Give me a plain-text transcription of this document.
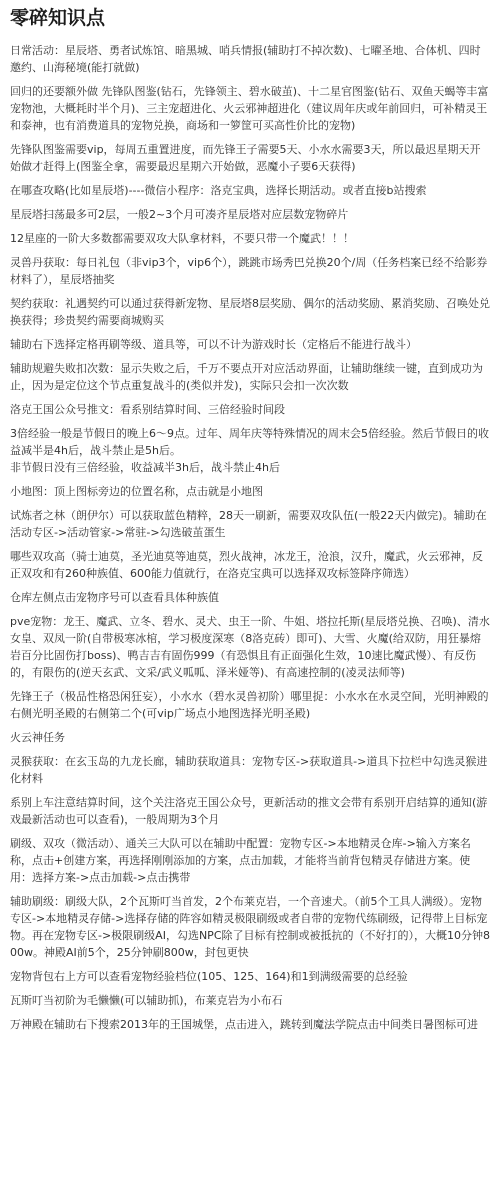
零碎知识点

日常活动：星辰塔、勇者试炼馆、暗黑城、哨兵情报(辅助打不掉次数)、七曜圣地、合体机、四时邀约、山海秘境(能打就做)

回归的还要额外做 先锋队图鉴(钻石，先锋领主、碧水破茧)、十二星官图鉴(钻石、双鱼天蝎等丰富宠物池，大概耗时半个月)、三主宠超进化、火云邪神超进化（建议周年庆或年前回归，可补精灵王和泰神，也有消费道具的宠物兑换，商场和一箩筐可买高性价比的宠物)

先锋队图鉴需要vip，每周五重置进度，而先锋王子需要5天、小水水需要3天，所以最迟星期天开始做才赶得上(图鉴全拿，需要最迟星期六开始做，恶魔小子要6天获得)

在哪查攻略(比如星辰塔)----微信小程序：洛克宝典，选择长期活动。或者直接b站搜索

星辰塔扫荡最多可2层，一般2~3个月可凑齐星辰塔对应层数宠物碎片

12星座的一阶大多数都需要双攻大队拿材料，不要只带一个魔武！！！

灵兽丹获取：每日礼包（非vip3个，vip6个），跳跳市场秀巴兑换20个/周（任务档案已经不给影券材料了），星辰塔抽奖

契约获取：礼遇契约可以通过获得新宠物、星辰塔8层奖励、偶尔的活动奖励、累消奖励、召唤处兑换获得；珍贵契约需要商城购买

辅助右下选择定格再刷等级、道具等，可以不计为游戏时长（定格后不能进行战斗）

辅助规避失败扣次数：显示失败之后，千万不要点开对应活动界面，让辅助继续一键，直到成功为止，因为是定位这个节点重复战斗的(类似并发)，实际只会扣一次次数

洛克王国公众号推文：看系别结算时间、三倍经验时间段

3倍经验一般是节假日的晚上6～9点。过年、周年庆等特殊情况的周末会5倍经验。然后节假日的收益减半是4h后，战斗禁止是5h后。

非节假日没有三倍经验，收益减半3h后，战斗禁止4h后

小地图：顶上图标旁边的位置名称，点击就是小地图

试炼者之林（朗伊尔）可以获取蓝色精粹，28天一刷新，需要双攻队伍(一般22天内做完)。辅助在活动专区->活动管家->常驻->勾选破茧蛋生

哪些双攻高（骑士迪莫，圣光迪莫等迪莫，烈火战神，冰龙王，沧浪，汉升，魔武，火云邪神，反正双攻和有260种族值、600能力值就行，在洛克宝典可以选择双攻标签降序筛选）

仓库左侧点击宠物序号可以查看具体种族值

pve宠物：龙王、魔武、立冬、碧水、灵犬、虫王一阶、牛姐、塔拉托斯(星辰塔兑换、召唤)、清水女皇、双凤一阶(自带极寒冰棺，学习极度深寒（8洛克砖）即可)、大雪、火魔(给双防，用狂暴熔岩百分比固伤打boss)、鸭吉吉有固伤999（有恐惧且有正面强化生效，10速比魔武慢）、有反伤的，有限伤的(逆天玄武、文采/武义呱呱、泽米娅等)、有高速控制的(凌灵法师等)

先锋王子（极品性格恐闲狂妄），小水水（碧水灵兽初阶）哪里捉：小水水在水灵空间，光明神殿的右侧光明圣殿的右侧第二个(可vip广场点小地图选择光明圣殿)

火云神任务

灵猴获取：在玄玉岛的九龙长廊，辅助获取道具：宠物专区->获取道具->道具下拉栏中勾选灵猴进化材料

系别上车注意结算时间，这个关注洛克王国公众号，更新活动的推文会带有系别开启结算的通知(游戏最新活动也可以查看)，一般周期为3个月

刷级、双攻（微活动）、通关三大队可以在辅助中配置：宠物专区->本地精灵仓库->输入方案名称，点击+创建方案，再选择刚刚添加的方案，点击加载，才能将当前背包精灵存储进方案。使用：选择方案->点击加载->点击携带

辅助刷级：刷级大队，2个瓦斯叮当首发，2个布莱克岩，一个音速犬。（前5个工具人满级）。宠物专区->本地精灵存储->选择存储的阵容如精灵极限刷级或者自带的宠物代练刷级，记得带上目标宠物。再在宠物专区->极限刷级AI，勾选NPC除了目标有控制或被抵抗的（不好打的），大概10分钟800w。神殿AI前5个，25分钟刷800w，封包更快

宠物背包右上方可以查看宠物经验档位(105、125、164)和1到满级需要的总经验

瓦斯叮当初阶为毛懒懒(可以辅助抓)，布莱克岩为小布石

万神殿在辅助右下搜索2013年的王国城堡，点击进入，跳转到魔法学院点击中间类日暑图标可进
